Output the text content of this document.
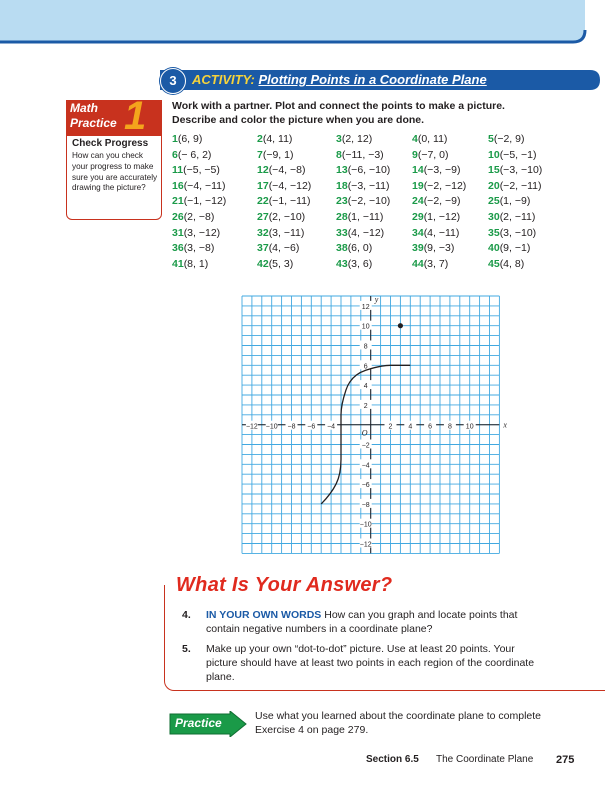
3	ACTIVITY: Plotting Points in a Coordinate Plane
Math
Practice 1
Check Progress
How can you check your progress to make sure you are accurately drawing the picture?
Work with a partner. Plot and connect the points to make a picture.
Describe and color the picture when you are done.
1(6, 9)	2(4, 11)	3(2, 12)	4(0, 11)	5(−2, 9)
6(− 6, 2)	7(−9, 1)	8(−11, −3)	9(−7, 0)	10(−5, −1)
11(−5, −5)	12(−4, −8)	13(−6, −10) 14(−3, −9)	15(−3, −10)
16(−4, −11)	17(−4, −12) 18(−3, −11) 19(−2, −12) 20(−2, −11)
21(−1, −12)	22(−1, −11) 23(−2, −10) 24(−2, −9)	25(1, −9)
26(2, −8)	27(2, −10)	28(1, −11)	29(1, −12)	30(2, −11)
31(3, −12)	32(3, −11)	33(4, −12)	34(4, −11)	35(3, −10)
36(3, −8)	37(4, −6)	38(6, 0)	39(9, −3)	40(9, −1)
41(8, 1)	42(5, 3)	43(3, 6)	44(3, 7)	45(4, 8)
−12 −10 −8 −6 −4	2 4 6 8 10
12
10
8
6
4
2
−2
−4
−6
−8
−10
−12
O
x
y
What Is Your Answer?
4. IN YOUR OWN WORDS How can you graph and locate points that contain negative numbers in a coordinate plane?
5. Make up your own “dot-to-dot” picture. Use at least 20 points. Your picture should have at least two points in each region of the coordinate plane.
Practice	Use what you learned about the coordinate plane to complete Exercise 4 on page 279.
Section 6.5 The Coordinate Plane 275
